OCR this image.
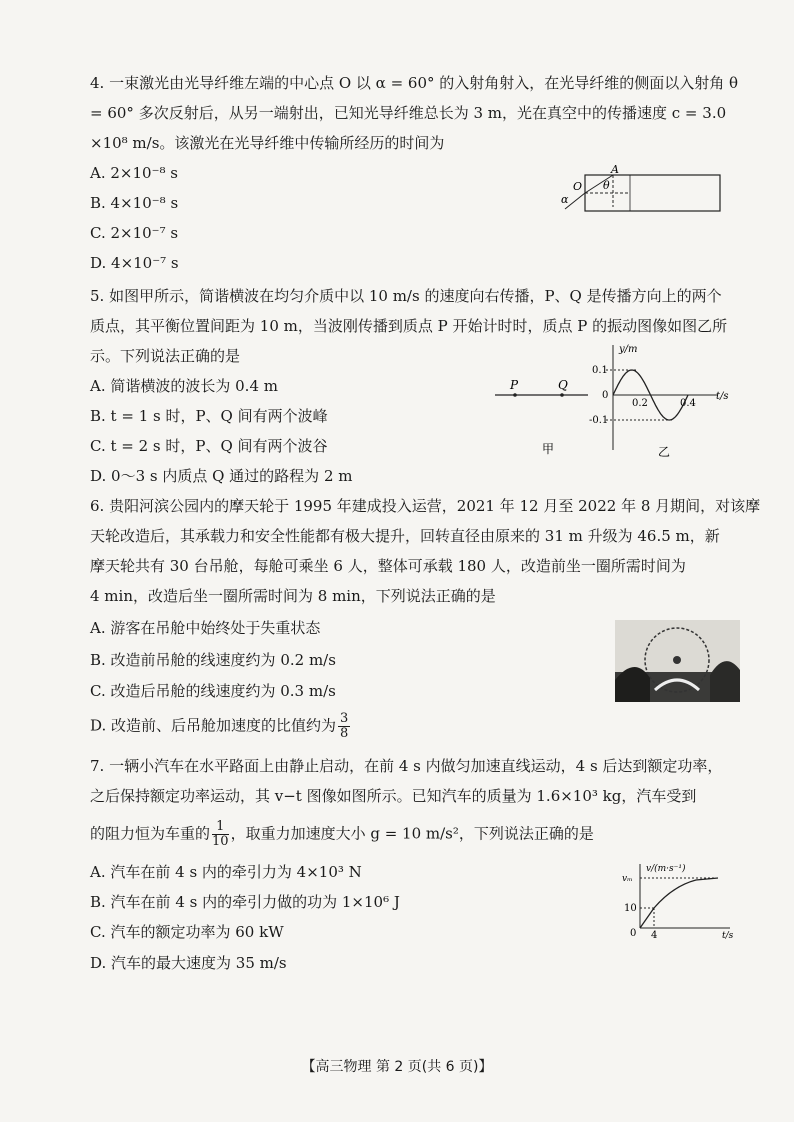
4. 一束激光由光导纤维左端的中心点 O 以 α = 60° 的入射角射入，在光导纤维的侧面以入射角 θ
= 60° 多次反射后，从另一端射出，已知光导纤维总长为 3 m，光在真空中的传播速度 c = 3.0
×10⁸ m/s。该激光在光导纤维中传输所经历的时间为
A. 2×10⁻⁸ s
B. 4×10⁻⁸ s
C. 2×10⁻⁷ s
D. 4×10⁻⁷ s
A
O
α
θ
5. 如图甲所示，简谐横波在均匀介质中以 10 m/s 的速度向右传播，P、Q 是传播方向上的两个
质点，其平衡位置间距为 10 m，当波刚传播到质点 P 开始计时时，质点 P 的振动图像如图乙所
示。下列说法正确的是
A. 简谐横波的波长为 0.4 m
B. t = 1 s 时，P、Q 间有两个波峰
C. t = 2 s 时，P、Q 间有两个波谷
D. 0～3 s 内质点 Q 通过的路程为 2 m
P	Q
甲
y/m
t/s
0.1
-0.1
0
0.2	0.4
乙
6. 贵阳河滨公园内的摩天轮于 1995 年建成投入运营，2021 年 12 月至 2022 年 8 月期间，对该摩
天轮改造后，其承载力和安全性能都有极大提升，回转直径由原来的 31 m 升级为 46.5 m，新
摩天轮共有 30 台吊舱，每舱可乘坐 6 人，整体可承载 180 人，改造前坐一圈所需时间为
4 min，改造后坐一圈所需时间为 8 min，下列说法正确的是
A. 游客在吊舱中始终处于失重状态
B. 改造前吊舱的线速度约为 0.2 m/s
C. 改造后吊舱的线速度约为 0.3 m/s
D. 改造前、后吊舱加速度的比值约为 $\frac{3}{8}$
7. 一辆小汽车在水平路面上由静止启动，在前 4 s 内做匀加速直线运动，4 s 后达到额定功率，
之后保持额定功率运动，其 v−t 图像如图所示。已知汽车的质量为 1.6×10³ kg，汽车受到
的阻力恒为车重的 $\frac{1}{10}$ ，取重力加速度大小 g = 10 m/s²，下列说法正确的是
A. 汽车在前 4 s 内的牵引力为 4×10³ N
B. 汽车在前 4 s 内的牵引力做的功为 1×10⁶ J
C. 汽车的额定功率为 60 kW
D. 汽车的最大速度为 35 m/s
v/(m·s⁻¹)
t/s
vₘ
10
0 4
【高三物理 第 2 页(共 6 页)】
